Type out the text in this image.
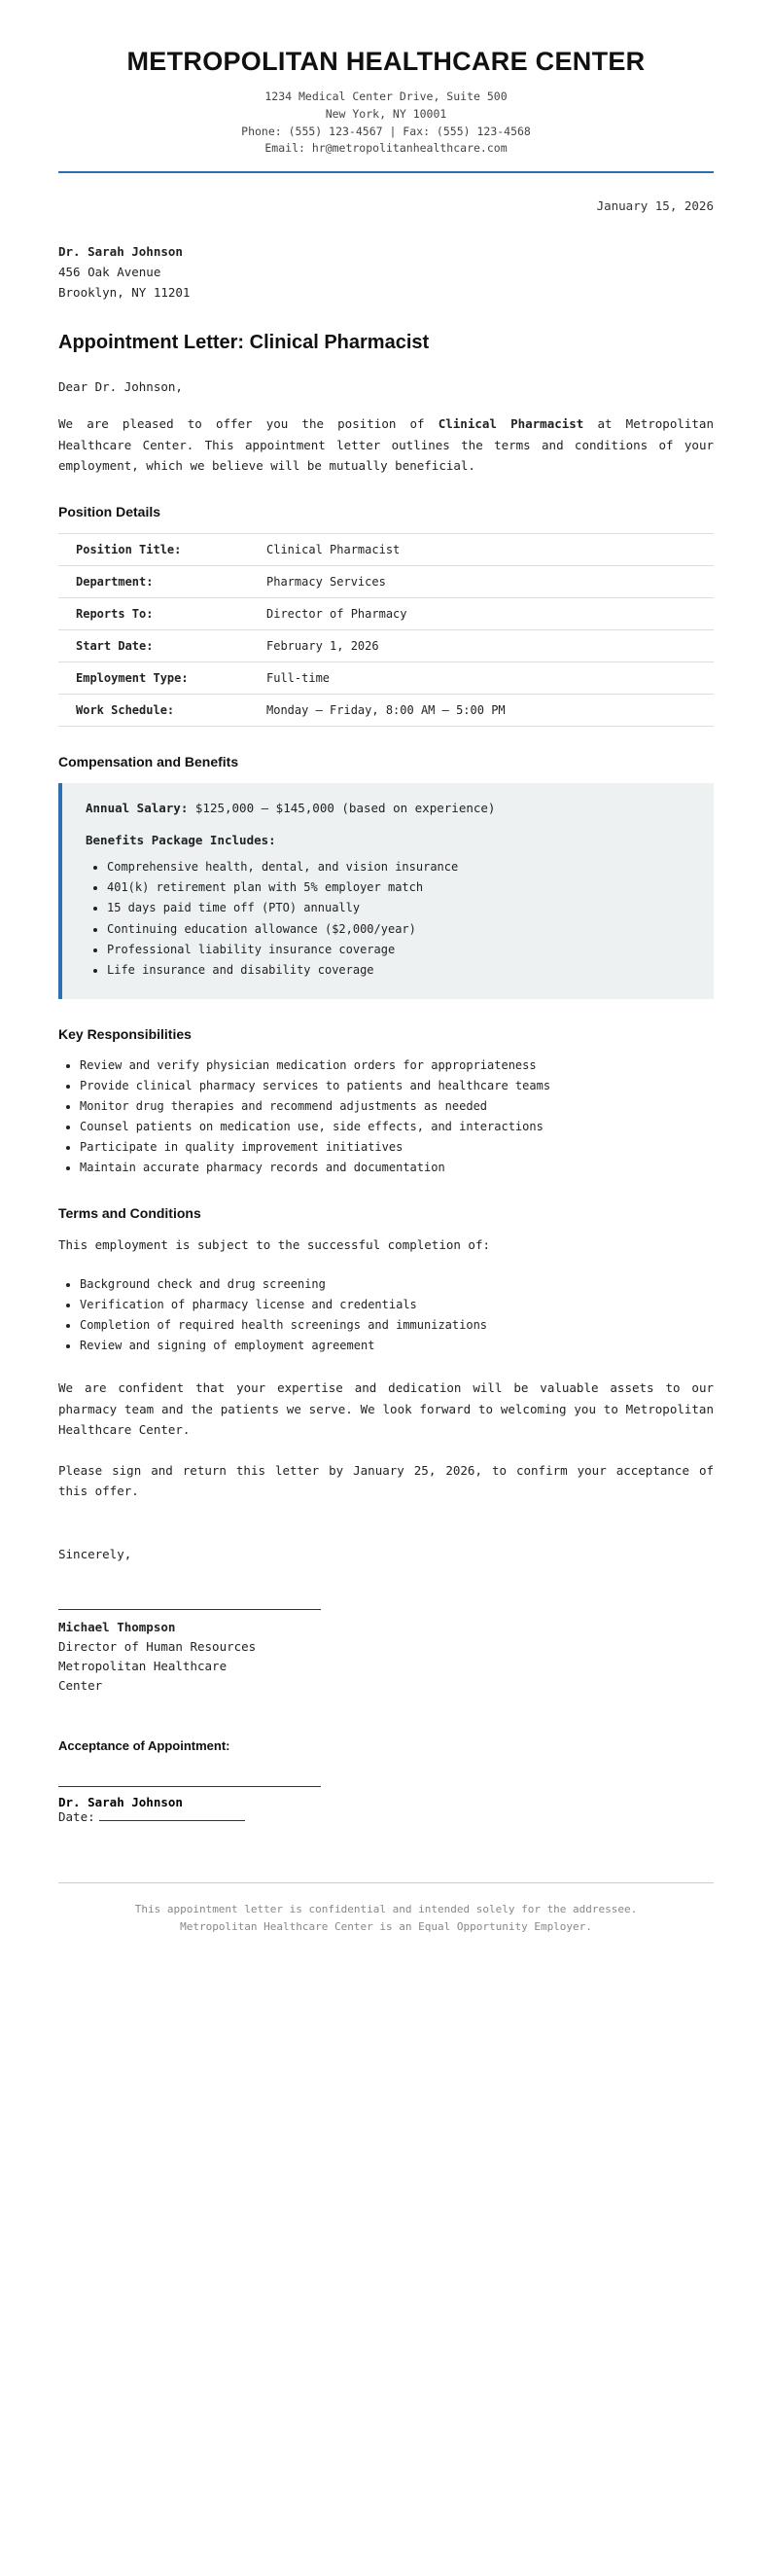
METROPOLITAN HEALTHCARE CENTER
1234 Medical Center Drive, Suite 500
New York, NY 10001
Phone: (555) 123-4567 | Fax: (555) 123-4568
Email: hr@metropolitanhealthcare.com
January 15, 2026
Dr. Sarah Johnson
456 Oak Avenue
Brooklyn, NY 11201
Appointment Letter: Clinical Pharmacist
Dear Dr. Johnson,

We are pleased to offer you the position of Clinical Pharmacist at Metropolitan Healthcare Center. This appointment letter outlines the terms and conditions of your employment, which we believe will be mutually beneficial.

Position Details
Position Title:	Clinical Pharmacist
Department:	Pharmacy Services
Reports To:	Director of Pharmacy
Start Date:	February 1, 2026
Employment Type:	Full-time
Work Schedule:	Monday – Friday, 8:00 AM – 5:00 PM
Compensation and Benefits
Annual Salary: $125,000 – $145,000 (based on experience)
Benefits Package Includes:
• Comprehensive health, dental, and vision insurance
• 401(k) retirement plan with 5% employer match
• 15 days paid time off (PTO) annually
• Continuing education allowance ($2,000/year)
• Professional liability insurance coverage
• Life insurance and disability coverage
Key Responsibilities
• Review and verify physician medication orders for appropriateness
• Provide clinical pharmacy services to patients and healthcare teams
• Monitor drug therapies and recommend adjustments as needed
• Counsel patients on medication use, side effects, and interactions
• Participate in quality improvement initiatives
• Maintain accurate pharmacy records and documentation
Terms and Conditions

This employment is subject to the successful completion of:

• Background check and drug screening
• Verification of pharmacy license and credentials
• Completion of required health screenings and immunizations
• Review and signing of employment agreement

We are confident that your expertise and dedication will be valuable assets to our pharmacy team and the patients we serve. We look forward to welcoming you to Metropolitan Healthcare Center.

Please sign and return this letter by January 25, 2026, to confirm your acceptance of this offer.

Sincerely,
Michael Thompson
Director of Human Resources
Metropolitan Healthcare
Center
Acceptance of Appointment:
Dr. Sarah Johnson
Date:
This appointment letter is confidential and intended solely for the addressee.
Metropolitan Healthcare Center is an Equal Opportunity Employer.
